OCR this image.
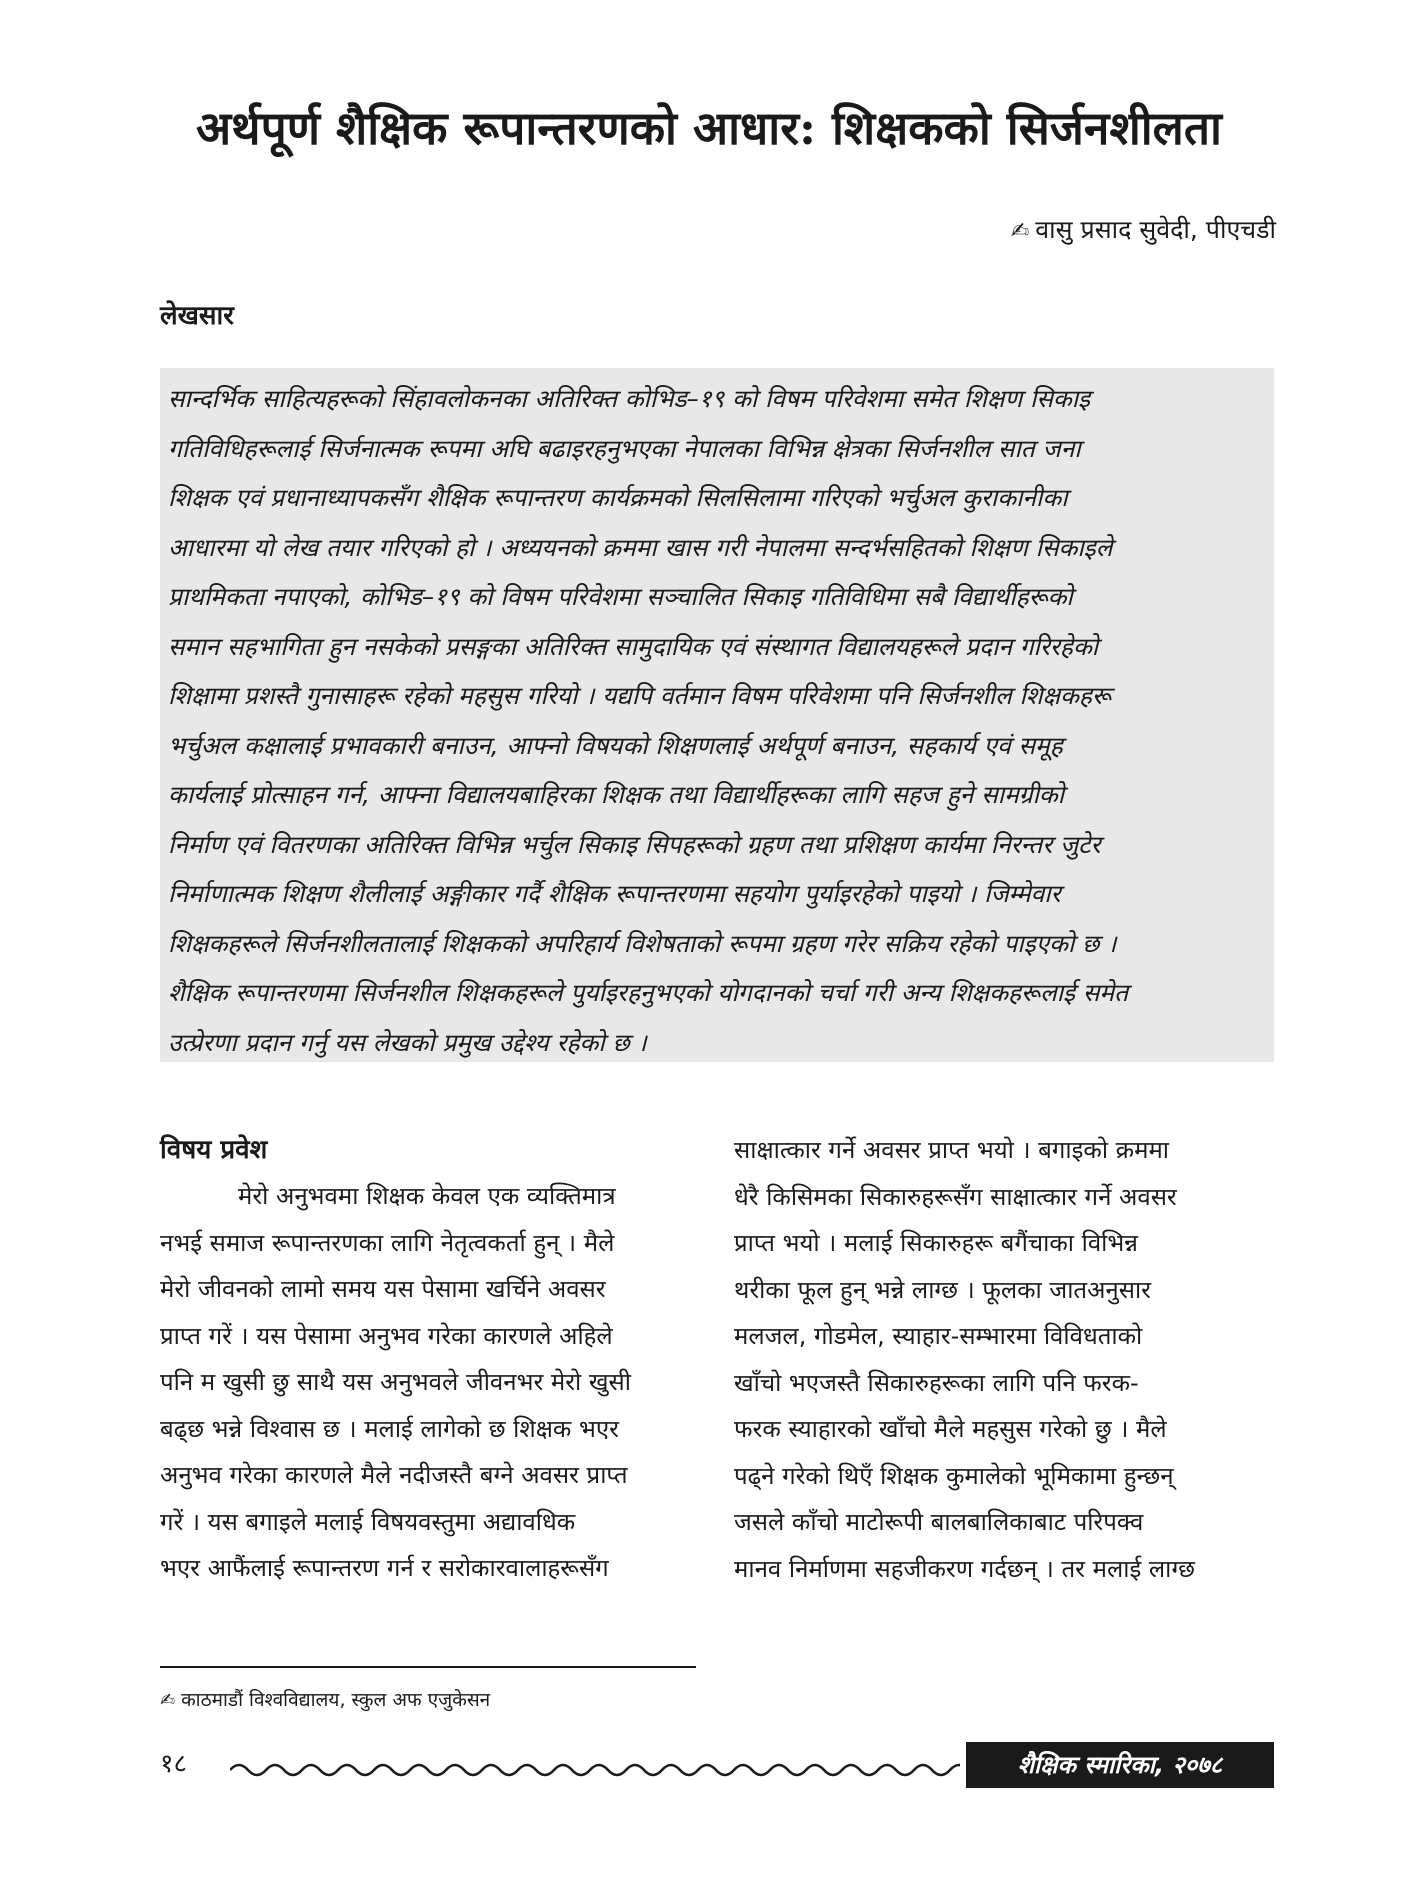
अर्थपूर्ण शैक्षिक रूपान्तरणको आधार: शिक्षकको सिर्जनशीलता
✍ वासु प्रसाद सुवेदी, पीएचडी
लेखसार
सान्दर्भिक साहित्यहरूको सिंहावलोकनका अतिरिक्त कोभिड–१९ को विषम परिवेशमा समेत शिक्षण सिकाइ
गतिविधिहरूलाई सिर्जनात्मक रूपमा अघि बढाइरहनुभएका नेपालका विभिन्न क्षेत्रका सिर्जनशील सात जना
शिक्षक एवं प्रधानाध्यापकसँग शैक्षिक रूपान्तरण कार्यक्रमको सिलसिलामा गरिएको भर्चुअल कुराकानीका
आधारमा यो लेख तयार गरिएको हो । अध्ययनको क्रममा खास गरी नेपालमा सन्दर्भसहितको शिक्षण सिकाइले
प्राथमिकता नपाएको, कोभिड–१९ को विषम परिवेशमा सञ्चालित सिकाइ गतिविधिमा सबै विद्यार्थीहरूको
समान सहभागिता हुन नसकेको प्रसङ्गका अतिरिक्त सामुदायिक एवं संस्थागत विद्यालयहरूले प्रदान गरिरहेको
शिक्षामा प्रशस्तै गुनासाहरू रहेको महसुस गरियो । यद्यपि वर्तमान विषम परिवेशमा पनि सिर्जनशील शिक्षकहरू
भर्चुअल कक्षालाई प्रभावकारी बनाउन, आफ्नो विषयको शिक्षणलाई अर्थपूर्ण बनाउन, सहकार्य एवं समूह
कार्यलाई प्रोत्साहन गर्न, आफ्ना विद्यालयबाहिरका शिक्षक तथा विद्यार्थीहरूका लागि सहज हुने सामग्रीको
निर्माण एवं वितरणका अतिरिक्त विभिन्न भर्चुल सिकाइ सिपहरूको ग्रहण तथा प्रशिक्षण कार्यमा निरन्तर जुटेर
निर्माणात्मक शिक्षण शैलीलाई अङ्गीकार गर्दै शैक्षिक रूपान्तरणमा सहयोग पुर्याइरहेको पाइयो । जिम्मेवार
शिक्षकहरूले सिर्जनशीलतालाई शिक्षकको अपरिहार्य विशेषताको रूपमा ग्रहण गरेर सक्रिय रहेको पाइएको छ ।
शैक्षिक रूपान्तरणमा सिर्जनशील शिक्षकहरूले पुर्याइरहनुभएको योगदानको चर्चा गरी अन्य शिक्षकहरूलाई समेत
उत्प्रेरणा प्रदान गर्नु यस लेखको प्रमुख उद्देश्य रहेको छ ।
विषय प्रवेश
मेरो अनुभवमा शिक्षक केवल एक व्यक्तिमात्र
नभई समाज रूपान्तरणका लागि नेतृत्वकर्ता हुन् । मैले
मेरो जीवनको लामो समय यस पेसामा खर्चिने अवसर
प्राप्त गरें । यस पेसामा अनुभव गरेका कारणले अहिले
पनि म खुसी छु साथै यस अनुभवले जीवनभर मेरो खुसी
बढ्छ भन्ने विश्वास छ । मलाई लागेको छ शिक्षक भएर
अनुभव गरेका कारणले मैले नदीजस्तै बग्ने अवसर प्राप्त
गरें । यस बगाइले मलाई विषयवस्तुमा अद्यावधिक
भएर आफैंलाई रूपान्तरण गर्न र सरोकारवालाहरूसँग
साक्षात्कार गर्ने अवसर प्राप्त भयो । बगाइको क्रममा
धेरै किसिमका सिकारुहरूसँग साक्षात्कार गर्ने अवसर
प्राप्त भयो । मलाई सिकारुहरू बगैंचाका विभिन्न
थरीका फूल हुन् भन्ने लाग्छ । फूलका जातअनुसार
मलजल, गोडमेल, स्याहार-सम्भारमा विविधताको
खाँचो भएजस्तै सिकारुहरूका लागि पनि फरक-
फरक स्याहारको खाँचो मैले महसुस गरेको छु । मैले
पढ्ने गरेको थिएँ शिक्षक कुमालेको भूमिकामा हुन्छन्
जसले काँचो माटोरूपी बालबालिकाबाट परिपक्व
मानव निर्माणमा सहजीकरण गर्दछन् । तर मलाई लाग्छ
✍ काठमाडौं विश्वविद्यालय, स्कुल अफ एजुकेसन
१८	शैक्षिक स्मारिका, २०७८
